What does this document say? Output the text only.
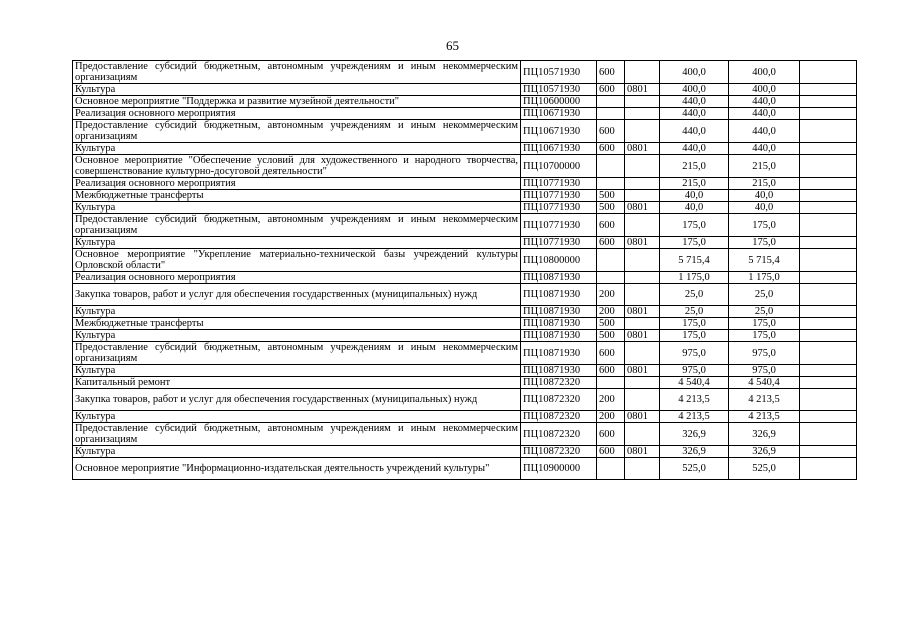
65
Предоставление субсидий бюджетным, автономным учреждениям и иным некоммерческим организациям	ПЦ10571930	600		400,0	400,0	
Культура	ПЦ10571930	600	0801	400,0	400,0	
Основное мероприятие "Поддержка и развитие музейной деятельности"	ПЦ10600000			440,0	440,0	
Реализация основного мероприятия	ПЦ10671930			440,0	440,0	
Предоставление субсидий бюджетным, автономным учреждениям и иным некоммерческим организациям	ПЦ10671930	600		440,0	440,0	
Культура	ПЦ10671930	600	0801	440,0	440,0	
Основное мероприятие "Обеспечение условий для художественного и народного творчества, совершенствование культурно-досуговой деятельности"	ПЦ10700000			215,0	215,0	
Реализация основного мероприятия	ПЦ10771930			215,0	215,0	
Межбюджетные трансферты	ПЦ10771930	500		40,0	40,0	
Культура	ПЦ10771930	500	0801	40,0	40,0	
Предоставление субсидий бюджетным, автономным учреждениям и иным некоммерческим организациям	ПЦ10771930	600		175,0	175,0	
Культура	ПЦ10771930	600	0801	175,0	175,0	
Основное мероприятие "Укрепление материально-технической базы учреждений культуры Орловской области"	ПЦ10800000			5 715,4	5 715,4	
Реализация основного мероприятия	ПЦ10871930			1 175,0	1 175,0	
Закупка товаров, работ и услуг для обеспечения государственных (муниципальных) нужд	ПЦ10871930	200		25,0	25,0	
Культура	ПЦ10871930	200	0801	25,0	25,0	
Межбюджетные трансферты	ПЦ10871930	500		175,0	175,0	
Культура	ПЦ10871930	500	0801	175,0	175,0	
Предоставление субсидий бюджетным, автономным учреждениям и иным некоммерческим организациям	ПЦ10871930	600		975,0	975,0	
Культура	ПЦ10871930	600	0801	975,0	975,0	
Капитальный ремонт	ПЦ10872320			4 540,4	4 540,4	
Закупка товаров, работ и услуг для обеспечения государственных (муниципальных) нужд	ПЦ10872320	200		4 213,5	4 213,5	
Культура	ПЦ10872320	200	0801	4 213,5	4 213,5	
Предоставление субсидий бюджетным, автономным учреждениям и иным некоммерческим организациям	ПЦ10872320	600		326,9	326,9	
Культура	ПЦ10872320	600	0801	326,9	326,9	
Основное мероприятие "Информационно-издательская деятельность учреждений культуры"	ПЦ10900000			525,0	525,0	
